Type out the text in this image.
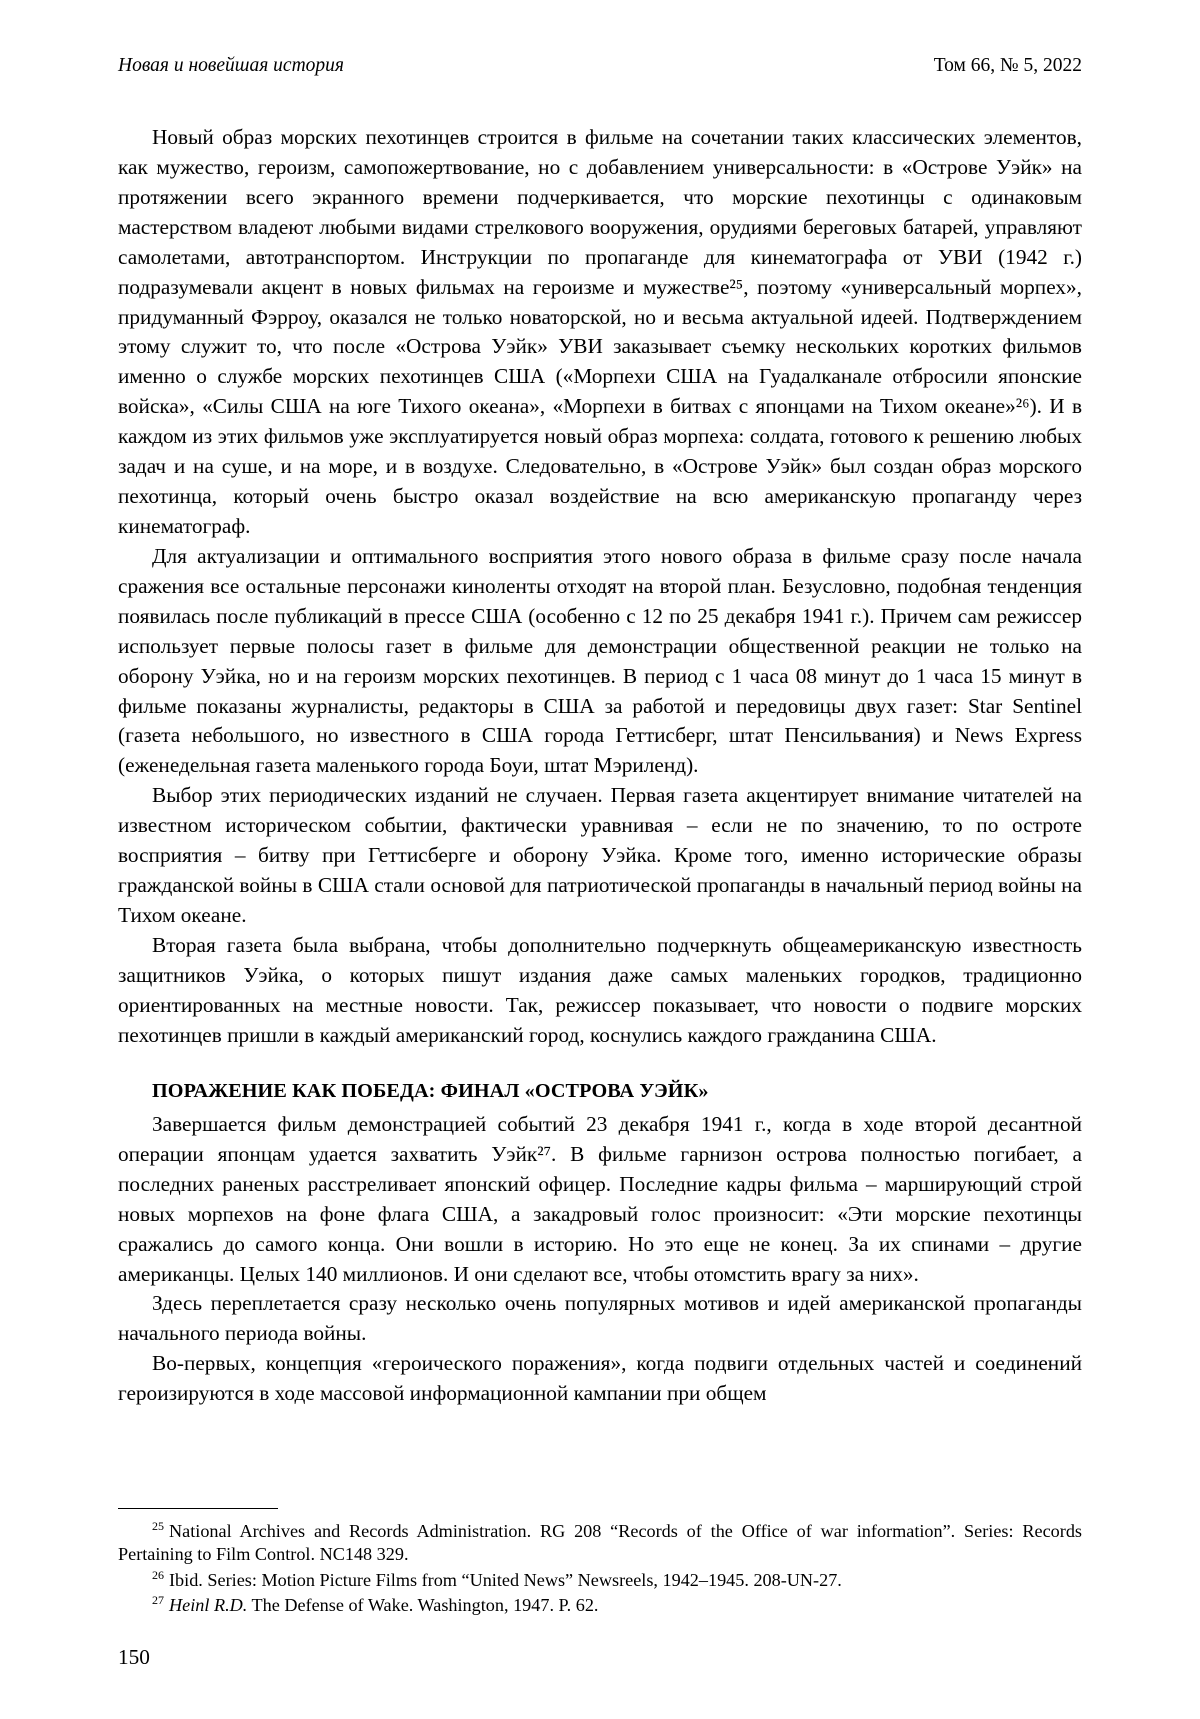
Новая и новейшая история	Том 66, № 5, 2022

Новый образ морских пехотинцев строится в фильме на сочетании таких классических элементов, как мужество, героизм, самопожертвование, но с добавлением универсальности: в «Острове Уэйк» на протяжении всего экранного времени подчеркивается, что морские пехотинцы с одинаковым мастерством владеют любыми видами стрелкового вооружения, орудиями береговых батарей, управляют самолетами, автотранспортом. Инструкции по пропаганде для кинематографа от УВИ (1942 г.) подразумевали акцент в новых фильмах на героизме и мужестве²⁵, поэтому «универсальный морпех», придуманный Фэрроу, оказался не только новаторской, но и весьма актуальной идеей. Подтверждением этому служит то, что после «Острова Уэйк» УВИ заказывает съемку нескольких коротких фильмов именно о службе морских пехотинцев США («Морпехи США на Гуадалканале отбросили японские войска», «Силы США на юге Тихого океана», «Морпехи в битвах с японцами на Тихом океане»²⁶). И в каждом из этих фильмов уже эксплуатируется новый образ морпеха: солдата, готового к решению любых задач и на суше, и на море, и в воздухе. Следовательно, в «Острове Уэйк» был создан образ морского пехотинца, который очень быстро оказал воздействие на всю американскую пропаганду через кинематограф.

Для актуализации и оптимального восприятия этого нового образа в фильме сразу после начала сражения все остальные персонажи киноленты отходят на второй план. Безусловно, подобная тенденция появилась после публикаций в прессе США (особенно с 12 по 25 декабря 1941 г.). Причем сам режиссер использует первые полосы газет в фильме для демонстрации общественной реакции не только на оборону Уэйка, но и на героизм морских пехотинцев. В период с 1 часа 08 минут до 1 часа 15 минут в фильме показаны журналисты, редакторы в США за работой и передовицы двух газет: Star Sentinel (газета небольшого, но известного в США города Геттисберг, штат Пенсильвания) и News Express (еженедельная газета маленького города Боуи, штат Мэриленд).

Выбор этих периодических изданий не случаен. Первая газета акцентирует внимание читателей на известном историческом событии, фактически уравнивая – если не по значению, то по остроте восприятия – битву при Геттисберге и оборону Уэйка. Кроме того, именно исторические образы гражданской войны в США стали основой для патриотической пропаганды в начальный период войны на Тихом океане.

Вторая газета была выбрана, чтобы дополнительно подчеркнуть общеамериканскую известность защитников Уэйка, о которых пишут издания даже самых маленьких городков, традиционно ориентированных на местные новости. Так, режиссер показывает, что новости о подвиге морских пехотинцев пришли в каждый американский город, коснулись каждого гражданина США.

ПОРАЖЕНИЕ КАК ПОБЕДА: ФИНАЛ «ОСТРОВА УЭЙК»

Завершается фильм демонстрацией событий 23 декабря 1941 г., когда в ходе второй десантной операции японцам удается захватить Уэйк²⁷. В фильме гарнизон острова полностью погибает, а последних раненых расстреливает японский офицер. Последние кадры фильма – марширующий строй новых морпехов на фоне флага США, а закадровый голос произносит: «Эти морские пехотинцы сражались до самого конца. Они вошли в историю. Но это еще не конец. За их спинами – другие американцы. Целых 140 миллионов. И они сделают все, чтобы отомстить врагу за них».

Здесь переплетается сразу несколько очень популярных мотивов и идей американской пропаганды начального периода войны.

Во-первых, концепция «героического поражения», когда подвиги отдельных частей и соединений героизируются в ходе массовой информационной кампании при общем

$^{25}$ National Archives and Records Administration. RG 208 “Records of the Office of war information”. Series: Records Pertaining to Film Control. NC148 329.

$^{26}$ Ibid. Series: Motion Picture Films from “United News” Newsreels, 1942–1945. 208-UN-27.

$^{27}$ Heinl R.D. The Defense of Wake. Washington, 1947. P. 62.

150
